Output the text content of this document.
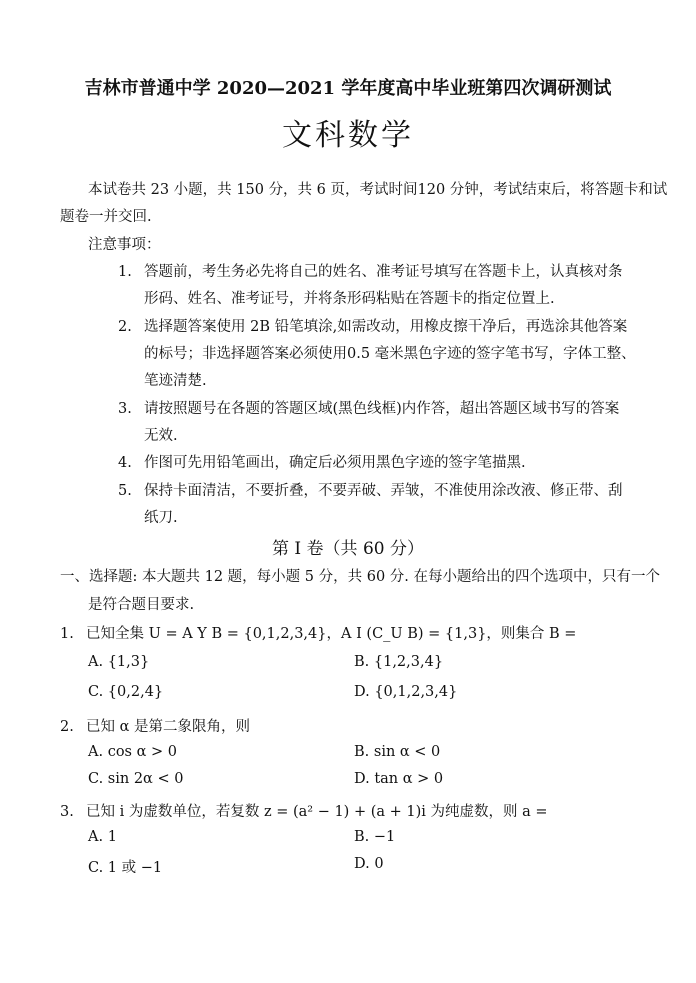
吉林市普通中学 2020—2021 学年度高中毕业班第四次调研测试
文科数学
本试卷共 23 小题，共 150 分，共 6 页，考试时间120 分钟，考试结束后，将答题卡和试
题卷一并交回.
注意事项：
1. 答题前，考生务必先将自己的姓名、准考证号填写在答题卡上，认真核对条
形码、姓名、准考证号，并将条形码粘贴在答题卡的指定位置上.
2. 选择题答案使用 2B 铅笔填涂,如需改动，用橡皮擦干净后，再选涂其他答案
的标号；非选择题答案必须使用0.5 毫米黑色字迹的签字笔书写，字体工整、
笔迹清楚.
3. 请按照题号在各题的答题区域(黑色线框)内作答，超出答题区域书写的答案
无效.
4. 作图可先用铅笔画出，确定后必须用黑色字迹的签字笔描黑.
5. 保持卡面清洁，不要折叠，不要弄破、弄皱，不准使用涂改液、修正带、刮
纸刀.
第 I 卷（共 60 分）
一、选择题: 本大题共 12 题，每小题 5 分，共 60 分. 在每小题给出的四个选项中，只有一个
是符合题目要求.
1. 已知全集 U = A Y B = {0,1,2,3,4}，A I (C_U B) = {1,3}，则集合 B =
A. {1,3}	B. {1,2,3,4}
C. {0,2,4}	D. {0,1,2,3,4}
2. 已知 α 是第二象限角，则
A. cos α > 0	B. sin α < 0
C. sin 2α < 0	D. tan α > 0
3. 已知 i 为虚数单位，若复数 z = (a² − 1) + (a + 1)i 为纯虚数，则 a =
A. 1	B. −1
C. 1 或 −1	D. 0
